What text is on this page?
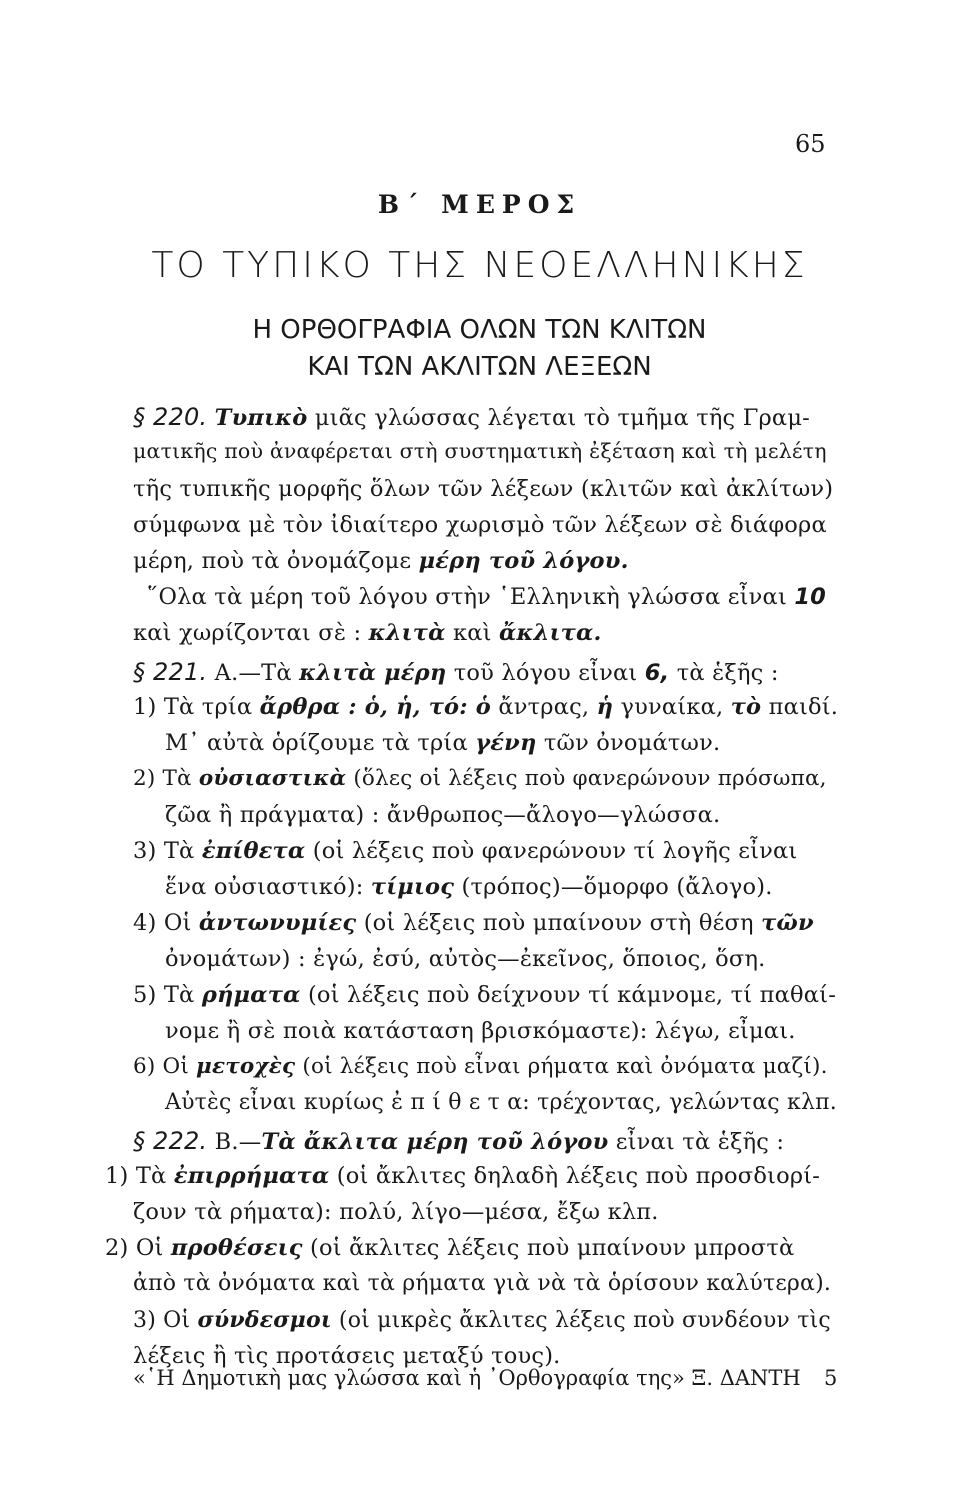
65
Β΄ ΜΕΡΟΣ
ΤΟ ΤΥΠΙΚΟ ΤΗΣ ΝΕΟΕΛΛΗΝΙΚΗΣ
Η ΟΡΘΟΓΡΑΦΙΑ ΟΛΩΝ ΤΩΝ ΚΛΙΤΩΝ
ΚΑΙ ΤΩΝ ΑΚΛΙΤΩΝ ΛΕΞΕΩΝ
§ 220. Τυπικὸ μιᾶς γλώσσας λέγεται τὸ τμῆμα τῆς Γραμ-
ματικῆς ποὺ ἀναφέρεται στὴ συστηματικὴ ἐξέταση καὶ τὴ μελέτη
τῆς τυπικῆς μορφῆς ὅλων τῶν λέξεων (κλιτῶν καὶ ἀκλίτων)
σύμφωνα μὲ τὸν ἰδιαίτερο χωρισμὸ τῶν λέξεων σὲ διάφορα
μέρη, ποὺ τὰ ὀνομάζομε μέρη τοῦ λόγου.
῞Ολα τὰ μέρη τοῦ λόγου στὴν ῾Ελληνικὴ γλώσσα εἶναι 10
καὶ χωρίζονται σὲ : κλιτὰ καὶ ἄκλιτα.
§ 221. Α.—Τὰ κλιτὰ μέρη τοῦ λόγου εἶναι 6, τὰ ἑξῆς :
1) Τὰ τρία ἄρθρα : ὁ, ἡ, τό: ὁ ἄντρας, ἡ γυναίκα, τὸ παιδί.
Μ᾿ αὐτὰ ὁρίζουμε τὰ τρία γένη τῶν ὀνομάτων.
2) Τὰ οὐσιαστικὰ (ὅλες οἱ λέξεις ποὺ φανερώνουν πρόσωπα,
ζῶα ἢ πράγματα) : ἄνθρωπος—ἄλογο—γλώσσα.
3) Τὰ ἐπίθετα (οἱ λέξεις ποὺ φανερώνουν τί λογῆς εἶναι
ἕνα οὐσιαστικό): τίμιος (τρόπος)—ὅμορφο (ἄλογο).
4) Οἱ ἀντωνυμίες (οἱ λέξεις ποὺ μπαίνουν στὴ θέση τῶν
ὀνομάτων) : ἐγώ, ἐσύ, αὐτὸς—ἐκεῖνος, ὅποιος, ὅση.
5) Τὰ ρήματα (οἱ λέξεις ποὺ δείχνουν τί κάμνομε, τί παθαί-
νομε ἢ σὲ ποιὰ κατάσταση βρισκόμαστε): λέγω, εἶμαι.
6) Οἱ μετοχὲς (οἱ λέξεις ποὺ εἶναι ρήματα καὶ ὀνόματα μαζί).
Αὐτὲς εἶναι κυρίως ἐ π ί θ ε τ α: τρέχοντας, γελώντας κλπ.
§ 222. Β.—Τὰ ἄκλιτα μέρη τοῦ λόγου εἶναι τὰ ἑξῆς :
1) Τὰ ἐπιρρήματα (οἱ ἄκλιτες δηλαδὴ λέξεις ποὺ προσδιορί-
ζουν τὰ ρήματα): πολύ, λίγο—μέσα, ἔξω κλπ.
2) Οἱ προθέσεις (οἱ ἄκλιτες λέξεις ποὺ μπαίνουν μπροστὰ
ἀπὸ τὰ ὀνόματα καὶ τὰ ρήματα γιὰ νὰ τὰ ὁρίσουν καλύτερα).
3) Οἱ σύνδεσμοι (οἱ μικρὲς ἄκλιτες λέξεις ποὺ συνδέουν τὶς
λέξεις ἢ τὶς προτάσεις μεταξύ τους).
«῾Η Δημοτικὴ μας γλώσσα καὶ ἡ ᾿Ορθογραφία της» Ξ. ΔΑΝΤΗ 5
